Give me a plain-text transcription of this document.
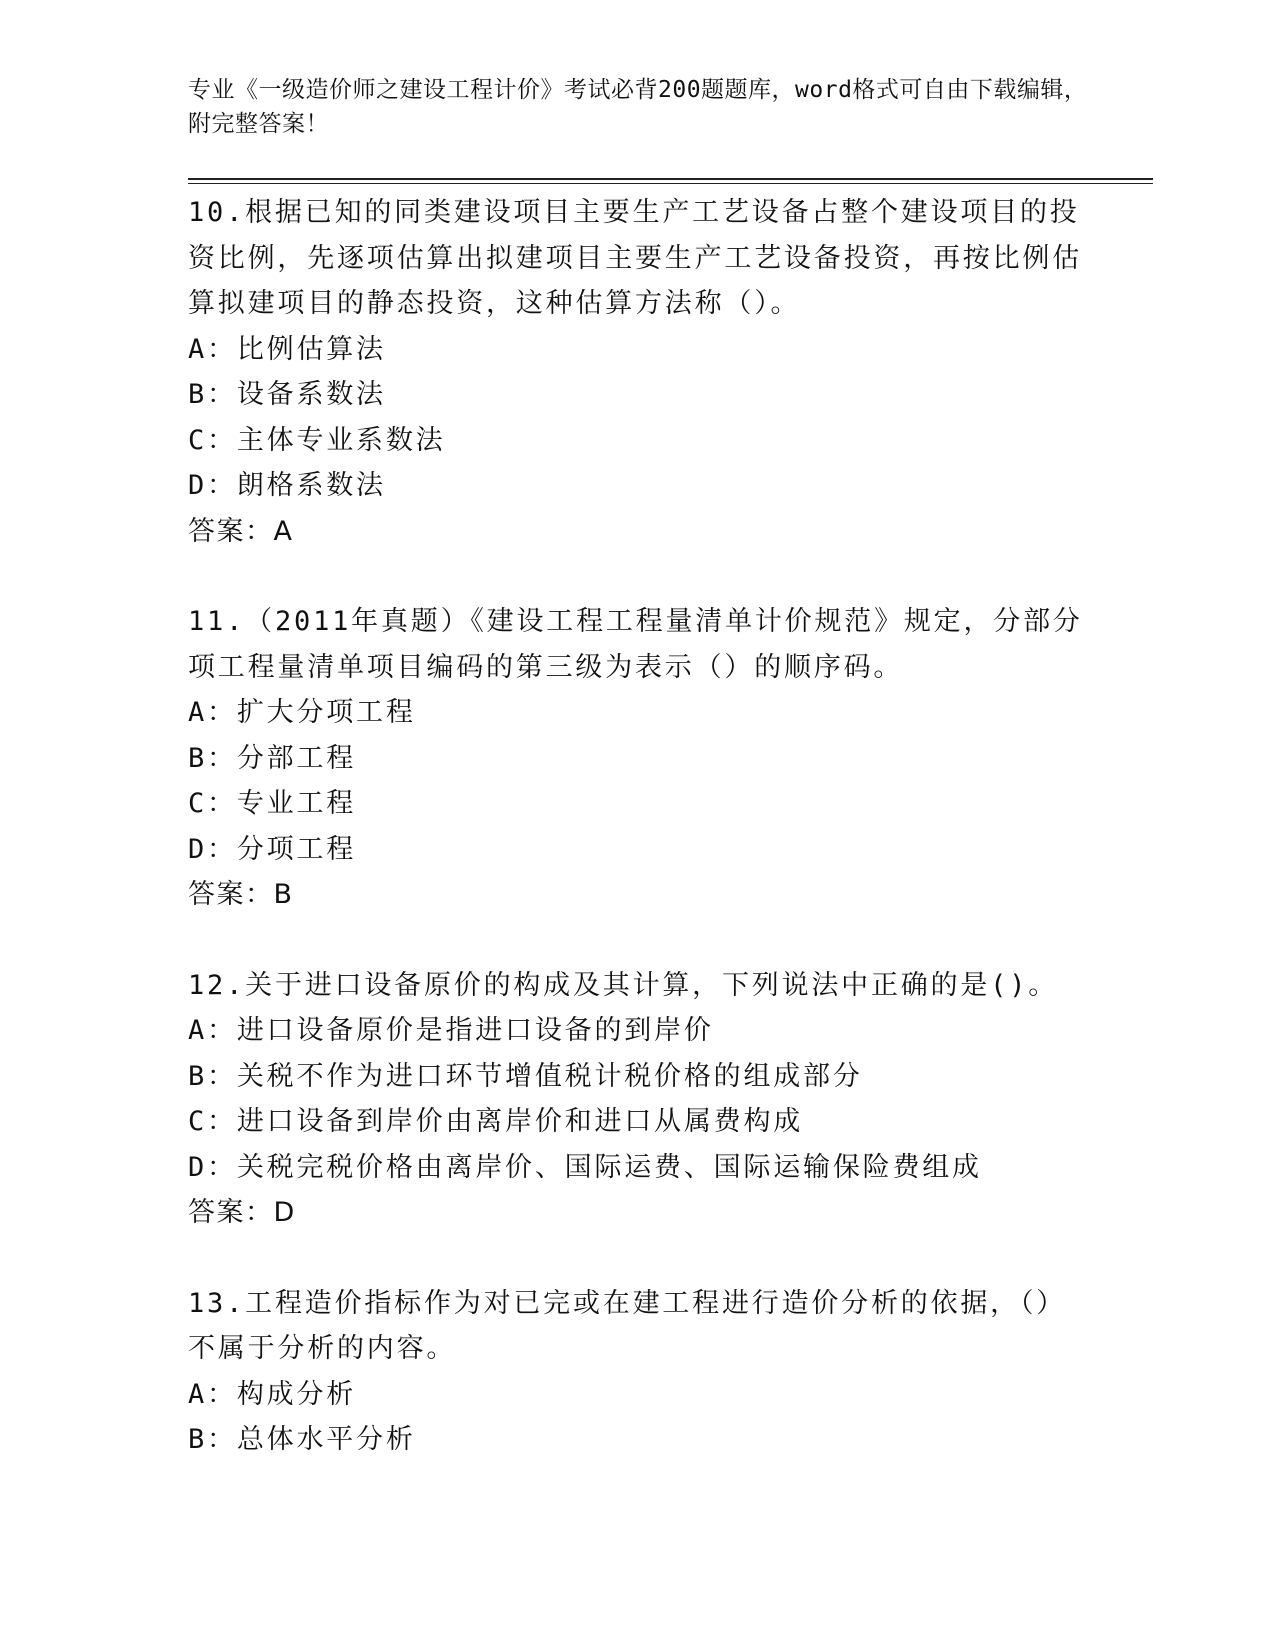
专业《一级造价师之建设工程计价》考试必背200题题库，word格式可自由下载编辑，附完整答案！

10.根据已知的同类建设项目主要生产工艺设备占整个建设项目的投资比例，先逐项估算出拟建项目主要生产工艺设备投资，再按比例估算拟建项目的静态投资，这种估算方法称（）。

A：比例估算法

B：设备系数法

C：主体专业系数法

D：朗格系数法

答案：A

11.（2011年真题）《建设工程工程量清单计价规范》规定，分部分项工程量清单项目编码的第三级为表示（）的顺序码。

A：扩大分项工程

B：分部工程

C：专业工程

D：分项工程

答案：B

12.关于进口设备原价的构成及其计算，下列说法中正确的是()。

A：进口设备原价是指进口设备的到岸价

B：关税不作为进口环节增值税计税价格的组成部分

C：进口设备到岸价由离岸价和进口从属费构成

D：关税完税价格由离岸价、国际运费、国际运输保险费组成

答案：D

13.工程造价指标作为对已完或在建工程进行造价分析的依据，（）不属于分析的内容。

A：构成分析

B：总体水平分析
